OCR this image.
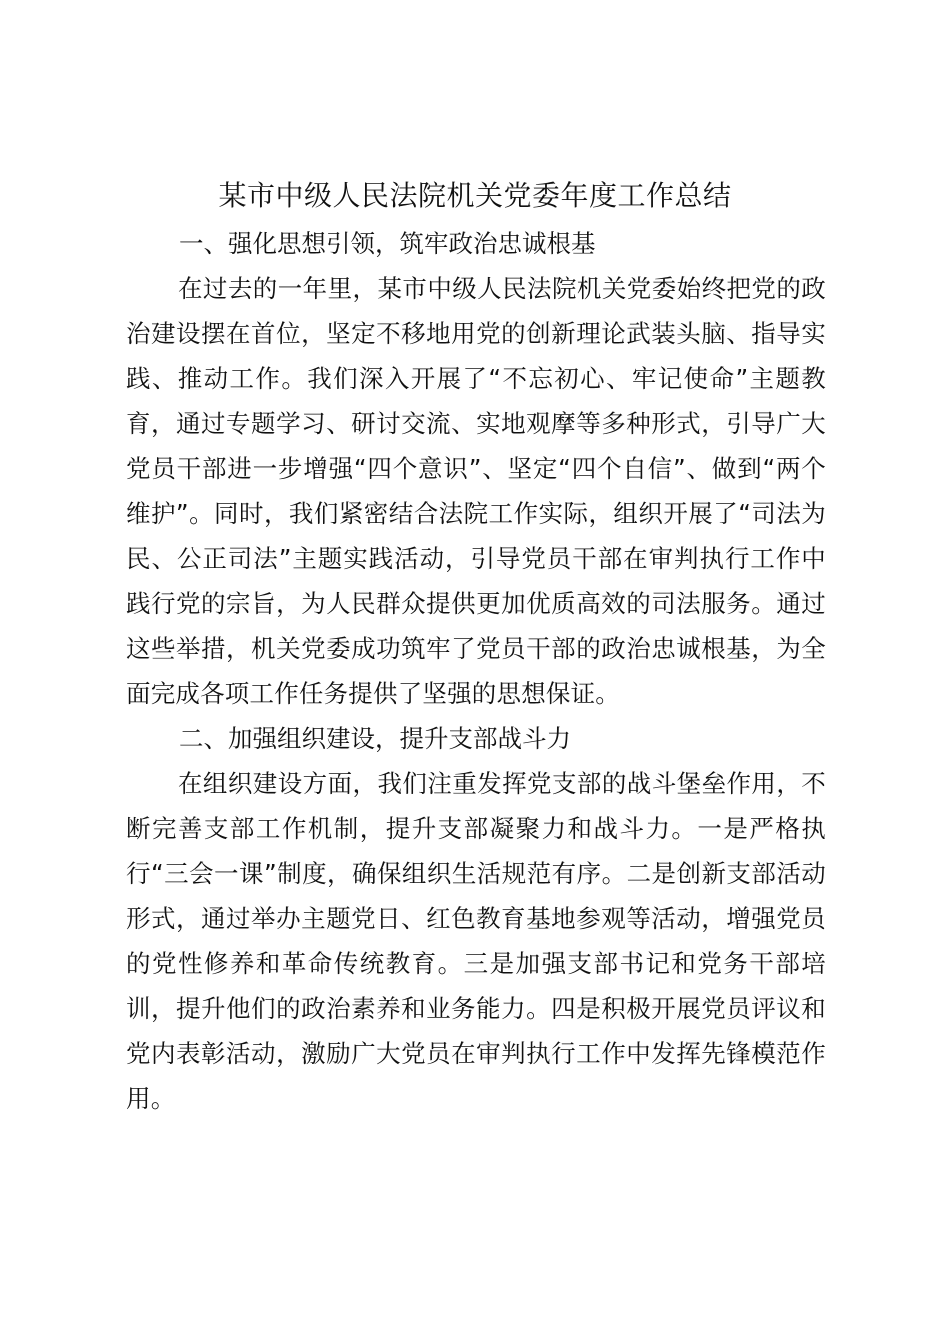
某市中级人民法院机关党委年度工作总结
一、强化思想引领，筑牢政治忠诚根基

在过去的一年里，某市中级人民法院机关党委始终把党的政治建设摆在首位，坚定不移地用党的创新理论武装头脑、指导实践、推动工作。我们深入开展了“不忘初心、牢记使命”主题教育，通过专题学习、研讨交流、实地观摩等多种形式，引导广大党员干部进一步增强“四个意识”、坚定“四个自信”、做到“两个维护”。同时，我们紧密结合法院工作实际，组织开展了“司法为民、公正司法”主题实践活动，引导党员干部在审判执行工作中践行党的宗旨，为人民群众提供更加优质高效的司法服务。通过这些举措，机关党委成功筑牢了党员干部的政治忠诚根基，为全面完成各项工作任务提供了坚强的思想保证。

二、加强组织建设，提升支部战斗力

在组织建设方面，我们注重发挥党支部的战斗堡垒作用，不断完善支部工作机制，提升支部凝聚力和战斗力。一是严格执行“三会一课”制度，确保组织生活规范有序。二是创新支部活动形式，通过举办主题党日、红色教育基地参观等活动，增强党员的党性修养和革命传统教育。三是加强支部书记和党务干部培训，提升他们的政治素养和业务能力。四是积极开展党员评议和党内表彰活动，激励广大党员在审判执行工作中发挥先锋模范作用。
